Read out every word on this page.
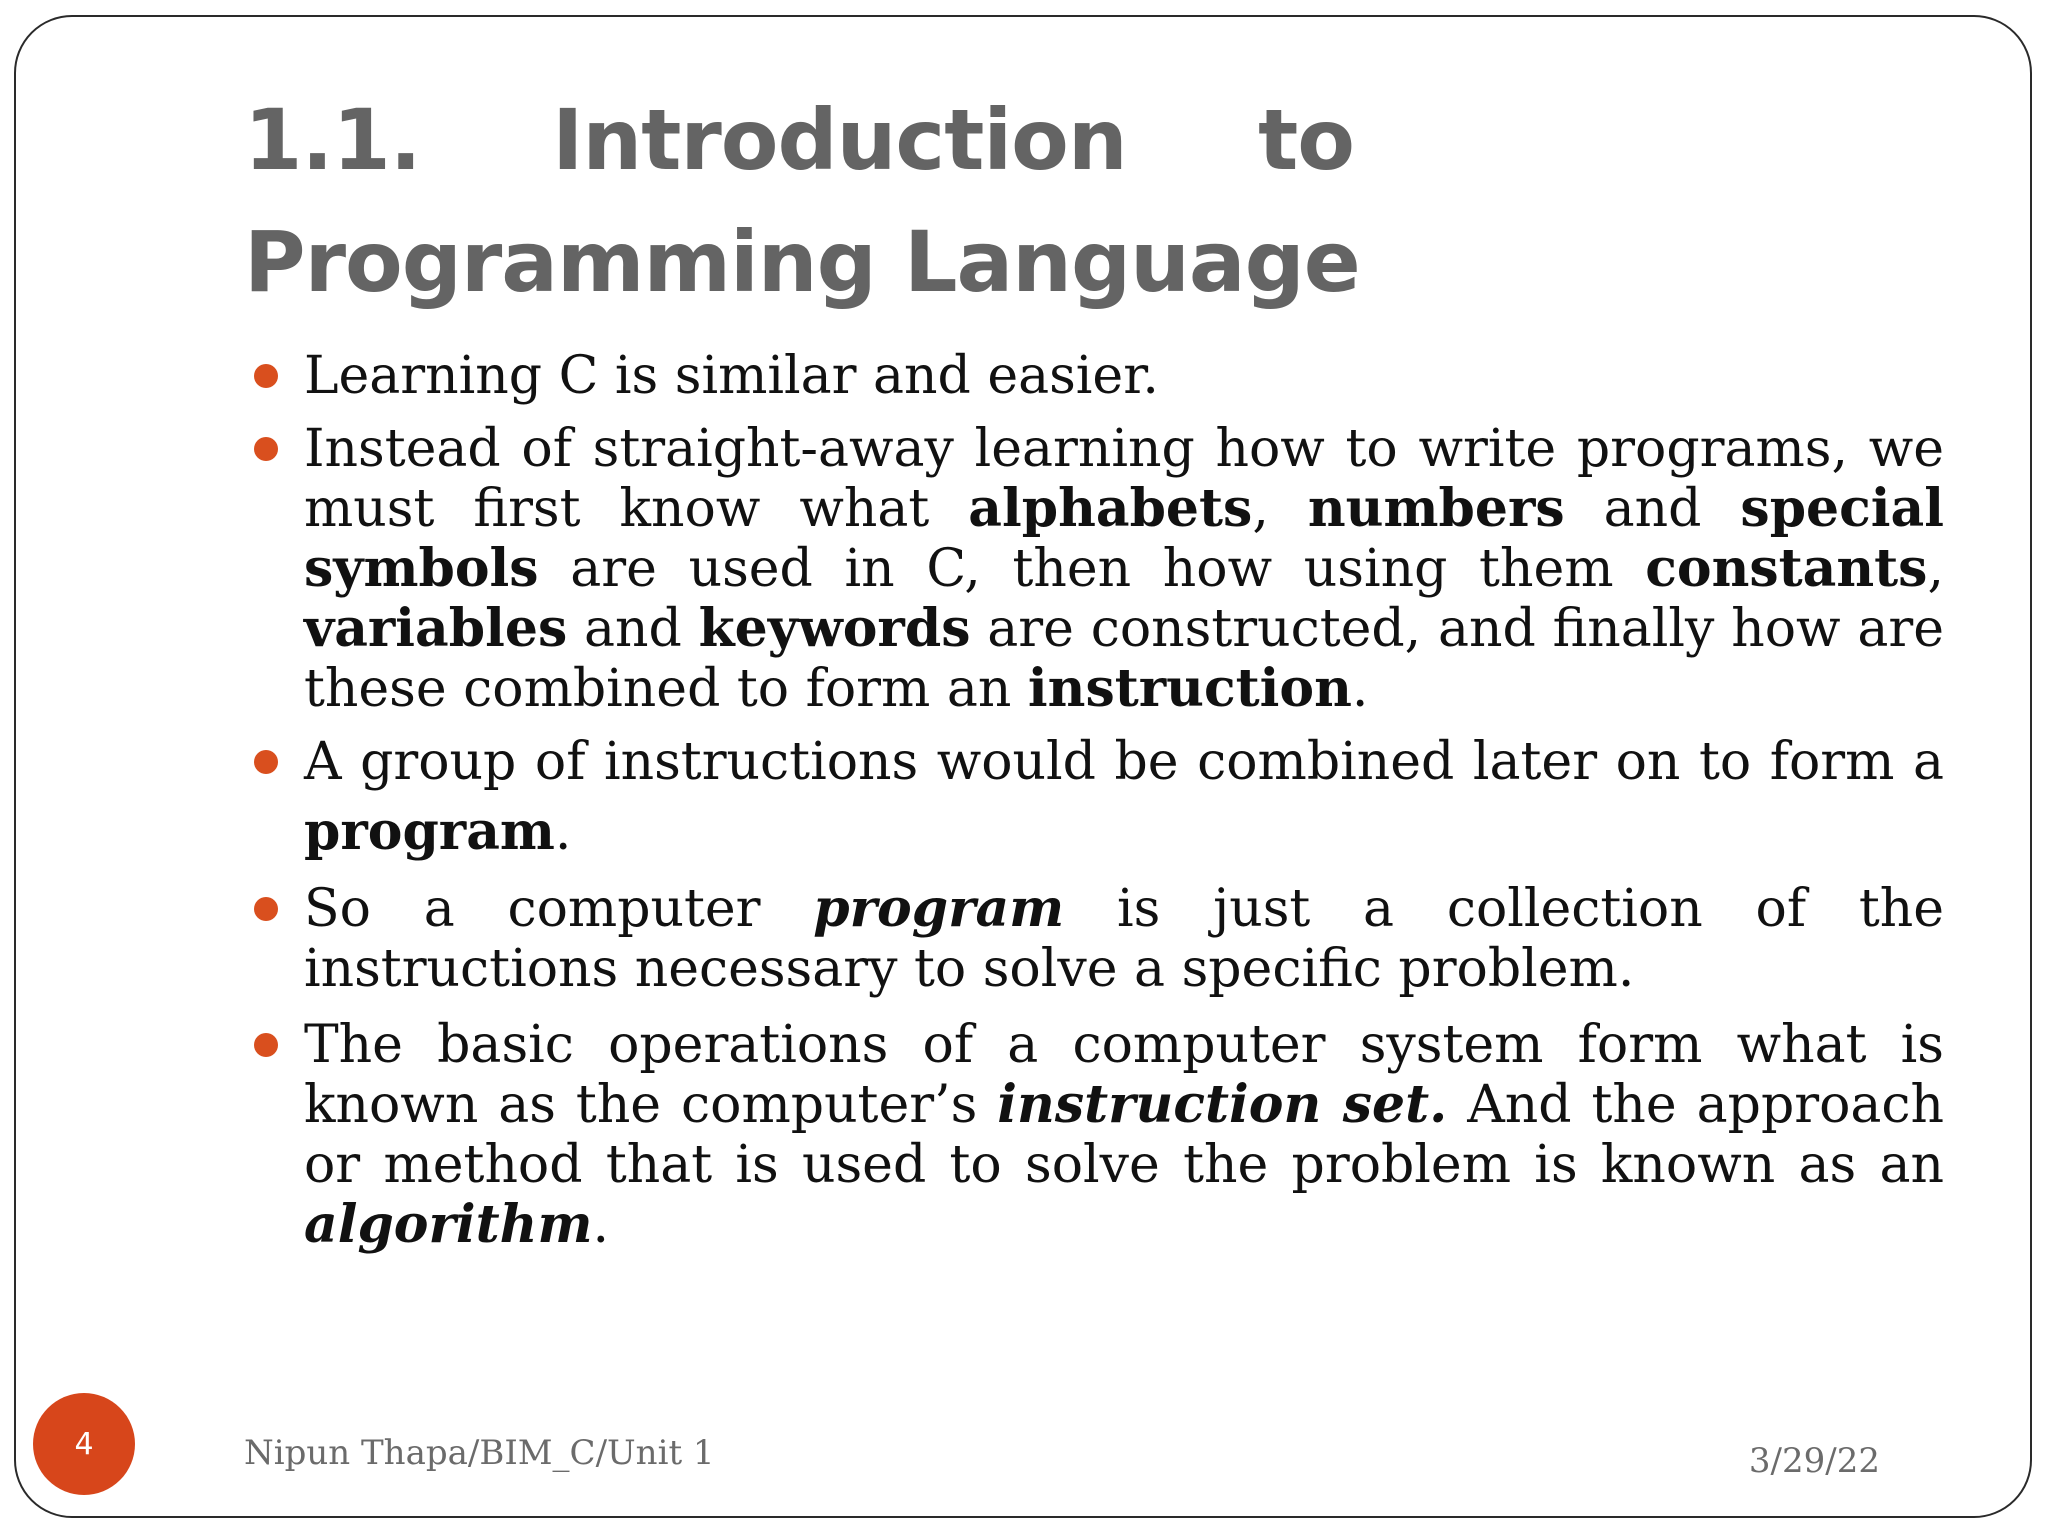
1.1. Introduction to
Programming Language
Learning C is similar and easier.
Instead of straight-away learning how to write programs, we must first know what alphabets, numbers and special symbols are used in C, then how using them constants, variables and keywords are constructed, and finally how are these combined to form an instruction.
A group of instructions would be combined later on to form a program.
So a computer program is just a collection of the instructions necessary to solve a specific problem.
The basic operations of a computer system form what is known as the computer’s instruction set. And the approach or method that is used to solve the problem is known as an algorithm.
Nipun Thapa/BIM_C/Unit 1	3/29/22
4
